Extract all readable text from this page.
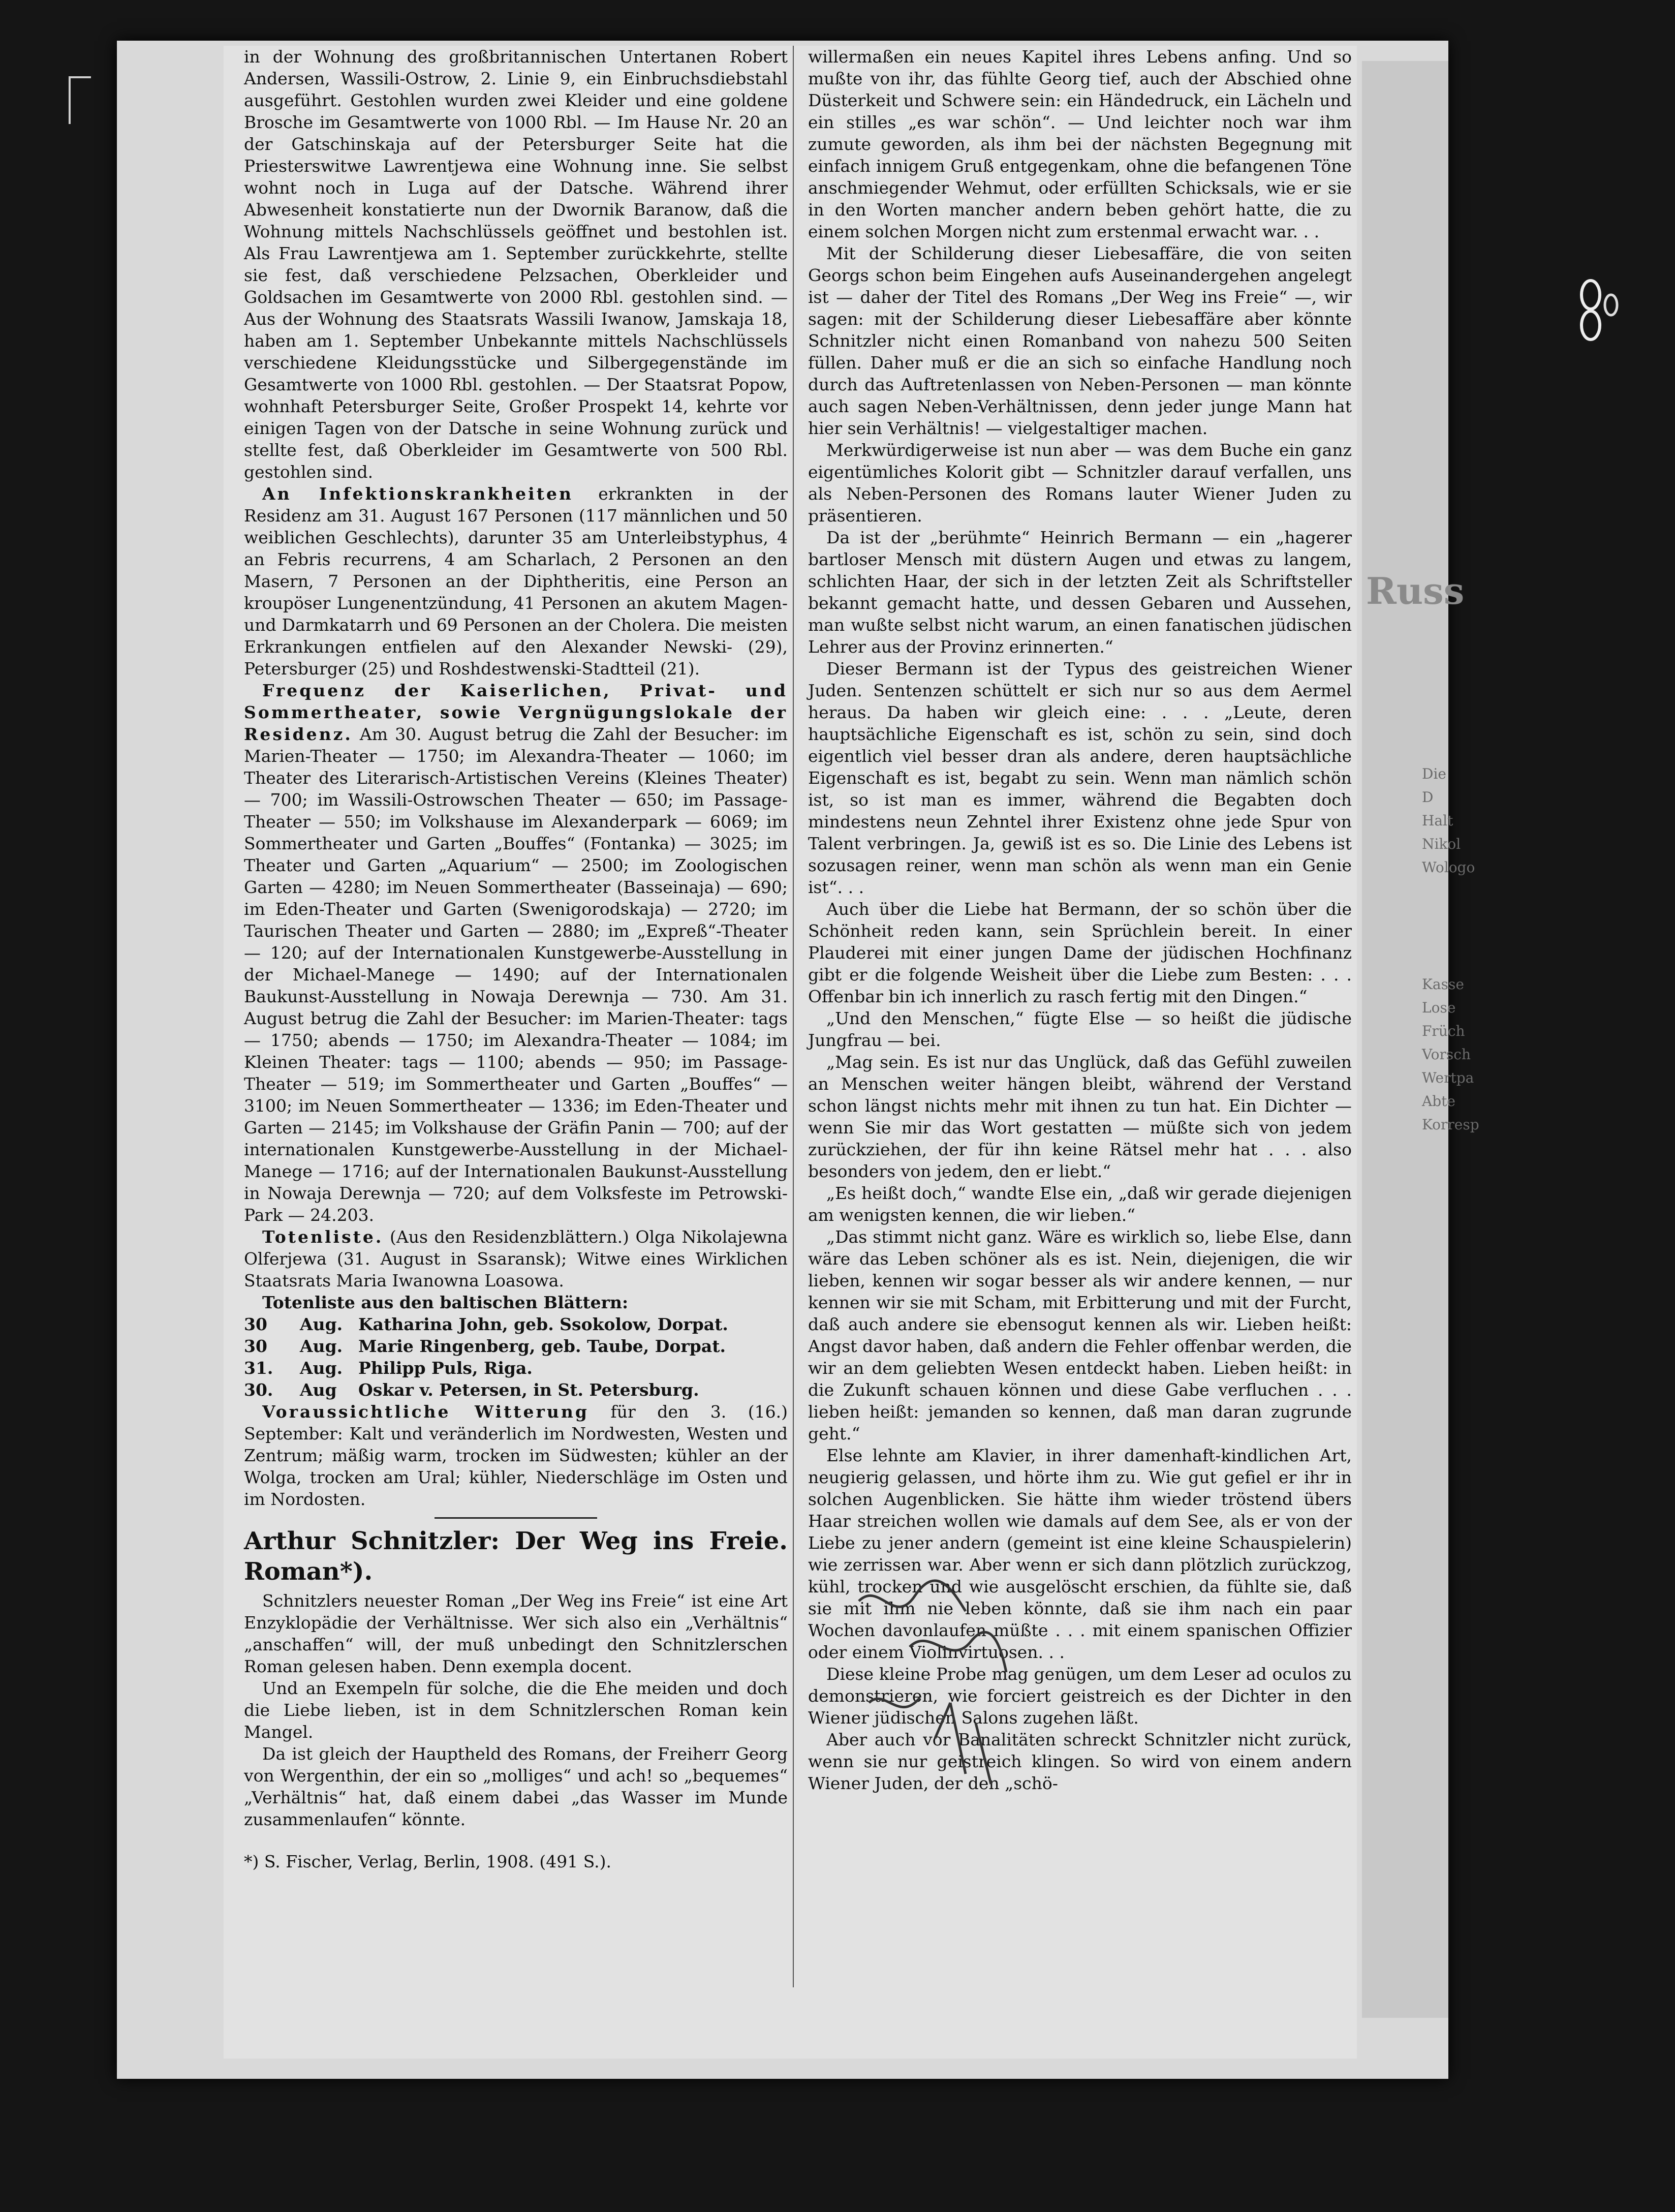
Russ
Die D
Halt
Nikol
Wologo

Kasse
Lose
Früch
Vorsch
Wertpa
Abte
Korresp

in der Wohnung des großbritannischen Untertanen Robert Andersen, Wassili-Ostrow, 2. Linie 9, ein Einbruchsdiebstahl ausgeführt. Gestohlen wurden zwei Kleider und eine goldene Brosche im Gesamtwerte von 1000 Rbl. — Im Hause Nr. 20 an der Gatschinskaja auf der Petersburger Seite hat die Priesterswitwe Lawrentjewa eine Wohnung inne. Sie selbst wohnt noch in Luga auf der Datsche. Während ihrer Abwesenheit konstatierte nun der Dwornik Baranow, daß die Wohnung mittels Nachschlüssels geöffnet und bestohlen ist. Als Frau Lawrentjewa am 1. September zurückkehrte, stellte sie fest, daß verschiedene Pelzsachen, Oberkleider und Goldsachen im Gesamtwerte von 2000 Rbl. gestohlen sind. — Aus der Wohnung des Staatsrats Wassili Iwanow, Jamskaja 18, haben am 1. September Unbekannte mittels Nachschlüssels verschiedene Kleidungsstücke und Silbergegenstände im Gesamtwerte von 1000 Rbl. gestohlen. — Der Staatsrat Popow, wohnhaft Petersburger Seite, Großer Prospekt 14, kehrte vor einigen Tagen von der Datsche in seine Wohnung zurück und stellte fest, daß Oberkleider im Gesamtwerte von 500 Rbl. gestohlen sind.

An Infektionskrankheiten erkrankten in der Residenz am 31. August 167 Personen (117 männlichen und 50 weiblichen Geschlechts), darunter 35 am Unterleibstyphus, 4 an Febris recurrens, 4 am Scharlach, 2 Personen an den Masern, 7 Personen an der Diphtheritis, eine Person an kroupöser Lungenentzündung, 41 Personen an akutem Magen- und Darmkatarrh und 69 Personen an der Cholera. Die meisten Erkrankungen entfielen auf den Alexander Newski- (29), Petersburger (25) und Roshdestwenski-Stadtteil (21).

Frequenz der Kaiserlichen, Privat- und Sommertheater, sowie Vergnügungslokale der Residenz. Am 30. August betrug die Zahl der Besucher: im Marien-Theater — 1750; im Alexandra-Theater — 1060; im Theater des Literarisch-Artistischen Vereins (Kleines Theater) — 700; im Wassili-Ostrowschen Theater — 650; im Passage-Theater — 550; im Volkshause im Alexanderpark — 6069; im Sommertheater und Garten „Bouffes“ (Fontanka) — 3025; im Theater und Garten „Aquarium“ — 2500; im Zoologischen Garten — 4280; im Neuen Sommertheater (Basseinaja) — 690; im Eden-Theater und Garten (Swenigorodskaja) — 2720; im Taurischen Theater und Garten — 2880; im „Expreß“-Theater — 120; auf der Internationalen Kunstgewerbe-Ausstellung in der Michael-Manege — 1490; auf der Internationalen Baukunst-Ausstellung in Nowaja Derewnja — 730. Am 31. August betrug die Zahl der Besucher: im Marien-Theater: tags — 1750; abends — 1750; im Alexandra-Theater — 1084; im Kleinen Theater: tags — 1100; abends — 950; im Passage-Theater — 519; im Sommertheater und Garten „Bouffes“ — 3100; im Neuen Sommertheater — 1336; im Eden-Theater und Garten — 2145; im Volkshause der Gräfin Panin — 700; auf der internationalen Kunstgewerbe-Ausstellung in der Michael-Manege — 1716; auf der Internationalen Baukunst-Ausstellung in Nowaja Derewnja — 720; auf dem Volksfeste im Petrowski-Park — 24.203.

Totenliste. (Aus den Residenzblättern.) Olga Nikolajewna Olferjewa (31. August in Ssaransk); Witwe eines Wirklichen Staatsrats Maria Iwanowna Loasowa.

Totenliste aus den baltischen Blättern:

30	Aug. Katharina John, geb. Ssokolow, Dorpat.
30	Aug. Marie Ringenberg, geb. Taube, Dorpat.
31.	Aug. Philipp Puls, Riga.
30.	Aug	Oskar v. Petersen, in St. Petersburg.

Voraussichtliche Witterung für den 3. (16.) September: Kalt und veränderlich im Nordwesten, Westen und Zentrum; mäßig warm, trocken im Südwesten; kühler an der Wolga, trocken am Ural; kühler, Niederschläge im Osten und im Nordosten.

Arthur Schnitzler: Der Weg ins Freie. Roman*).

Schnitzlers neuester Roman „Der Weg ins Freie“ ist eine Art Enzyklopädie der Verhältnisse. Wer sich also ein „Verhältnis“ „anschaffen“ will, der muß unbedingt den Schnitzlerschen Roman gelesen haben. Denn exempla docent.

Und an Exempeln für solche, die die Ehe meiden und doch die Liebe lieben, ist in dem Schnitzlerschen Roman kein Mangel.

Da ist gleich der Hauptheld des Romans, der Freiherr Georg von Wergenthin, der ein so „molliges“ und ach! so „bequemes“ „Verhältnis“ hat, daß einem dabei „das Wasser im Munde zusammenlaufen“ könnte.

*) S. Fischer, Verlag, Berlin, 1908. (491 S.).

willermaßen ein neues Kapitel ihres Lebens anfing. Und so mußte von ihr, das fühlte Georg tief, auch der Abschied ohne Düsterkeit und Schwere sein: ein Händedruck, ein Lächeln und ein stilles „es war schön“. — Und leichter noch war ihm zumute geworden, als ihm bei der nächsten Begegnung mit einfach innigem Gruß entgegenkam, ohne die befangenen Töne anschmiegender Wehmut, oder erfüllten Schicksals, wie er sie in den Worten mancher andern beben gehört hatte, die zu einem solchen Morgen nicht zum erstenmal erwacht war. . .

Mit der Schilderung dieser Liebesaffäre, die von seiten Georgs schon beim Eingehen aufs Auseinandergehen angelegt ist — daher der Titel des Romans „Der Weg ins Freie“ —, wir sagen: mit der Schilderung dieser Liebesaffäre aber könnte Schnitzler nicht einen Romanband von nahezu 500 Seiten füllen. Daher muß er die an sich so einfache Handlung noch durch das Auftretenlassen von Neben-Personen — man könnte auch sagen Neben-Verhältnissen, denn jeder junge Mann hat hier sein Verhältnis! — vielgestaltiger machen.

Merkwürdigerweise ist nun aber — was dem Buche ein ganz eigentümliches Kolorit gibt — Schnitzler darauf verfallen, uns als Neben-Personen des Romans lauter Wiener Juden zu präsentieren.

Da ist der „berühmte“ Heinrich Bermann — ein „hagerer bartloser Mensch mit düstern Augen und etwas zu langem, schlichten Haar, der sich in der letzten Zeit als Schriftsteller bekannt gemacht hatte, und dessen Gebaren und Aussehen, man wußte selbst nicht warum, an einen fanatischen jüdischen Lehrer aus der Provinz erinnerten.“

Dieser Bermann ist der Typus des geistreichen Wiener Juden. Sentenzen schüttelt er sich nur so aus dem Aermel heraus. Da haben wir gleich eine: . . . „Leute, deren hauptsächliche Eigenschaft es ist, schön zu sein, sind doch eigentlich viel besser dran als andere, deren hauptsächliche Eigenschaft es ist, begabt zu sein. Wenn man nämlich schön ist, so ist man es immer, während die Begabten doch mindestens neun Zehntel ihrer Existenz ohne jede Spur von Talent verbringen. Ja, gewiß ist es so. Die Linie des Lebens ist sozusagen reiner, wenn man schön als wenn man ein Genie ist“. . .

Auch über die Liebe hat Bermann, der so schön über die Schönheit reden kann, sein Sprüchlein bereit. In einer Plauderei mit einer jungen Dame der jüdischen Hochfinanz gibt er die folgende Weisheit über die Liebe zum Besten: . . . Offenbar bin ich innerlich zu rasch fertig mit den Dingen.“

„Und den Menschen,“ fügte Else — so heißt die jüdische Jungfrau — bei.

„Mag sein. Es ist nur das Unglück, daß das Gefühl zuweilen an Menschen weiter hängen bleibt, während der Verstand schon längst nichts mehr mit ihnen zu tun hat. Ein Dichter — wenn Sie mir das Wort gestatten — müßte sich von jedem zurückziehen, der für ihn keine Rätsel mehr hat . . . also besonders von jedem, den er liebt.“

„Es heißt doch,“ wandte Else ein, „daß wir gerade diejenigen am wenigsten kennen, die wir lieben.“

„Das stimmt nicht ganz. Wäre es wirklich so, liebe Else, dann wäre das Leben schöner als es ist. Nein, diejenigen, die wir lieben, kennen wir sogar besser als wir andere kennen, — nur kennen wir sie mit Scham, mit Erbitterung und mit der Furcht, daß auch andere sie ebensogut kennen als wir. Lieben heißt: Angst davor haben, daß andern die Fehler offenbar werden, die wir an dem geliebten Wesen entdeckt haben. Lieben heißt: in die Zukunft schauen können und diese Gabe verfluchen . . . lieben heißt: jemanden so kennen, daß man daran zugrunde geht.“

Else lehnte am Klavier, in ihrer damenhaft-kindlichen Art, neugierig gelassen, und hörte ihm zu. Wie gut gefiel er ihr in solchen Augenblicken. Sie hätte ihm wieder tröstend übers Haar streichen wollen wie damals auf dem See, als er von der Liebe zu jener andern (gemeint ist eine kleine Schauspielerin) wie zerrissen war. Aber wenn er sich dann plötzlich zurückzog, kühl, trocken und wie ausgelöscht erschien, da fühlte sie, daß sie mit ihm nie leben könnte, daß sie ihm nach ein paar Wochen davonlaufen müßte . . . mit einem spanischen Offizier oder einem Violinvirtuosen. . .

Diese kleine Probe mag genügen, um dem Leser ad oculos zu demonstrieren, wie forciert geistreich es der Dichter in den Wiener jüdischen Salons zugehen läßt.

Aber auch vor Banalitäten schreckt Schnitzler nicht zurück, wenn sie nur geistreich klingen. So wird von einem andern Wiener Juden, der den „schö-
